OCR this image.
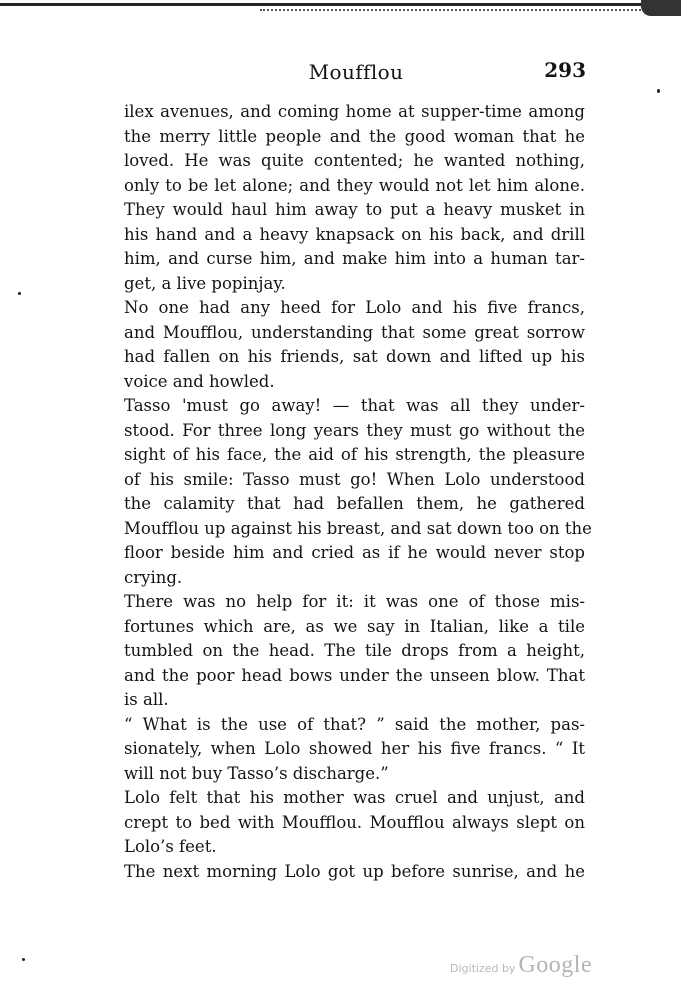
Moufflou	293
ilex avenues, and coming home at supper-time among
the merry little people and the good woman that he
loved. He was quite contented; he wanted nothing,
only to be let alone; and they would not let him alone.
They would haul him away to put a heavy musket in
his hand and a heavy knapsack on his back, and drill
him, and curse him, and make him into a human tar-
get, a live popinjay.
No one had any heed for Lolo and his five francs,
and Moufflou, understanding that some great sorrow
had fallen on his friends, sat down and lifted up his
voice and howled.
Tasso 'must go away! — that was all they under-
stood. For three long years they must go without the
sight of his face, the aid of his strength, the pleasure
of his smile: Tasso must go! When Lolo understood
the calamity that had befallen them, he gathered
Moufflou up against his breast, and sat down too on the
floor beside him and cried as if he would never stop
crying.
There was no help for it: it was one of those mis-
fortunes which are, as we say in Italian, like a tile
tumbled on the head. The tile drops from a height,
and the poor head bows under the unseen blow. That
is all.
“ What is the use of that? ” said the mother, pas-
sionately, when Lolo showed her his five francs. “ It
will not buy Tasso’s discharge.”
Lolo felt that his mother was cruel and unjust, and
crept to bed with Moufflou. Moufflou always slept on
Lolo’s feet.
The next morning Lolo got up before sunrise, and he
Digitized by Google
